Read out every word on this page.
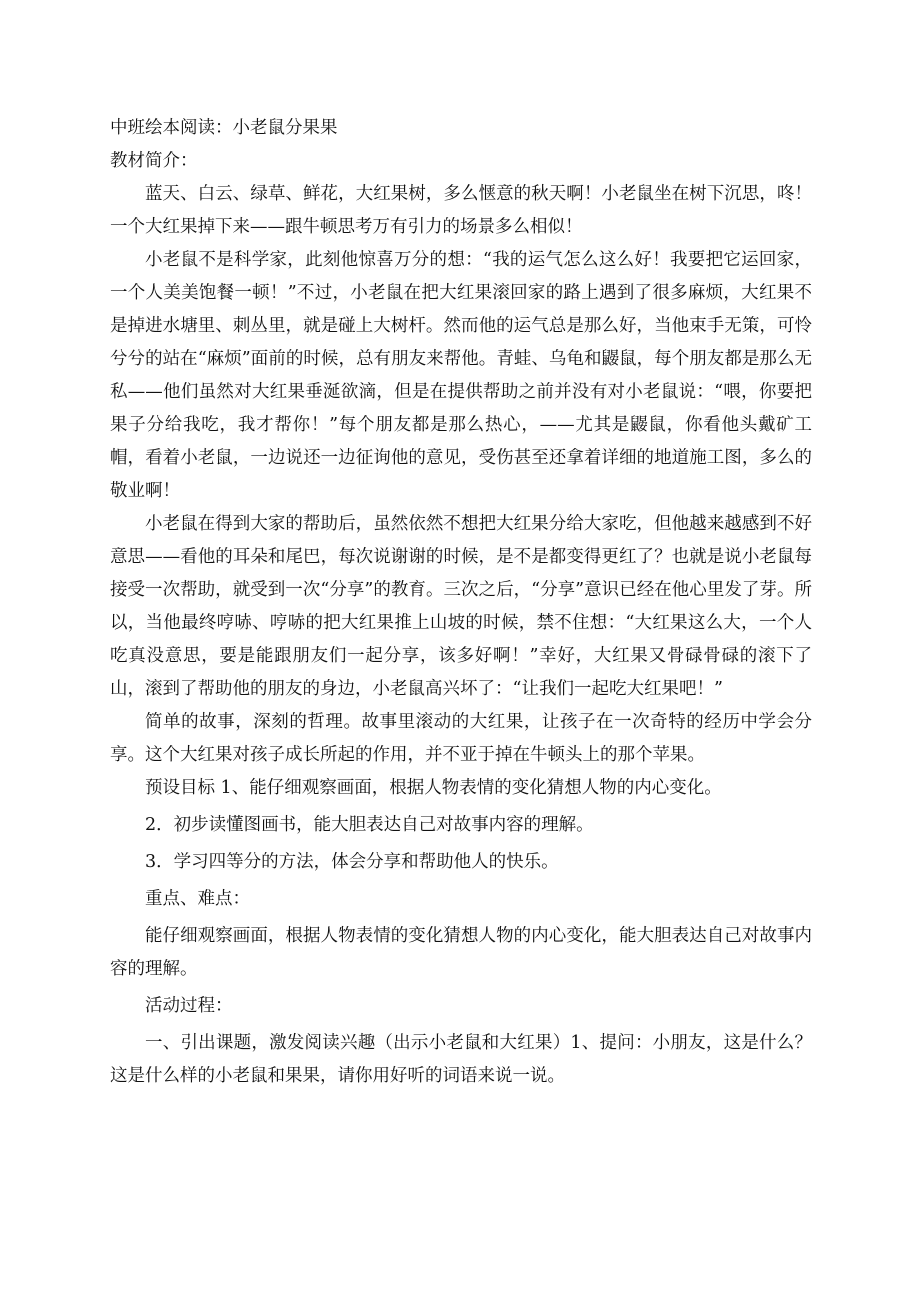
中班绘本阅读：小老鼠分果果

教材简介：

蓝天、白云、绿草、鲜花，大红果树，多么惬意的秋天啊！小老鼠坐在树下沉思，咚！一个大红果掉下来——跟牛顿思考万有引力的场景多么相似！

小老鼠不是科学家，此刻他惊喜万分的想：“我的运气怎么这么好！我要把它运回家，一个人美美饱餐一顿！”不过，小老鼠在把大红果滚回家的路上遇到了很多麻烦，大红果不是掉进水塘里、刺丛里，就是碰上大树杆。然而他的运气总是那么好，当他束手无策，可怜兮兮的站在“麻烦”面前的时候，总有朋友来帮他。青蛙、乌龟和鼹鼠，每个朋友都是那么无私——他们虽然对大红果垂涎欲滴，但是在提供帮助之前并没有对小老鼠说：“喂，你要把果子分给我吃，我才帮你！”每个朋友都是那么热心，——尤其是鼹鼠，你看他头戴矿工帽，看着小老鼠，一边说还一边征询他的意见，受伤甚至还拿着详细的地道施工图，多么的敬业啊！

小老鼠在得到大家的帮助后，虽然依然不想把大红果分给大家吃，但他越来越感到不好意思——看他的耳朵和尾巴，每次说谢谢的时候，是不是都变得更红了？也就是说小老鼠每接受一次帮助，就受到一次“分享”的教育。三次之后，“分享”意识已经在他心里发了芽。所以，当他最终哼哧、哼哧的把大红果推上山坡的时候，禁不住想：“大红果这么大，一个人吃真没意思，要是能跟朋友们一起分享，该多好啊！”幸好，大红果又骨碌骨碌的滚下了山，滚到了帮助他的朋友的身边，小老鼠高兴坏了：“让我们一起吃大红果吧！”

简单的故事，深刻的哲理。故事里滚动的大红果，让孩子在一次奇特的经历中学会分享。这个大红果对孩子成长所起的作用，并不亚于掉在牛顿头上的那个苹果。

预设目标 1、能仔细观察画面，根据人物表情的变化猜想人物的内心变化。

2．初步读懂图画书，能大胆表达自己对故事内容的理解。

3．学习四等分的方法，体会分享和帮助他人的快乐。

重点、难点：

能仔细观察画面，根据人物表情的变化猜想人物的内心变化，能大胆表达自己对故事内容的理解。

活动过程：

一、引出课题，激发阅读兴趣（出示小老鼠和大红果）1、提问：小朋友，这是什么？这是什么样的小老鼠和果果，请你用好听的词语来说一说。
